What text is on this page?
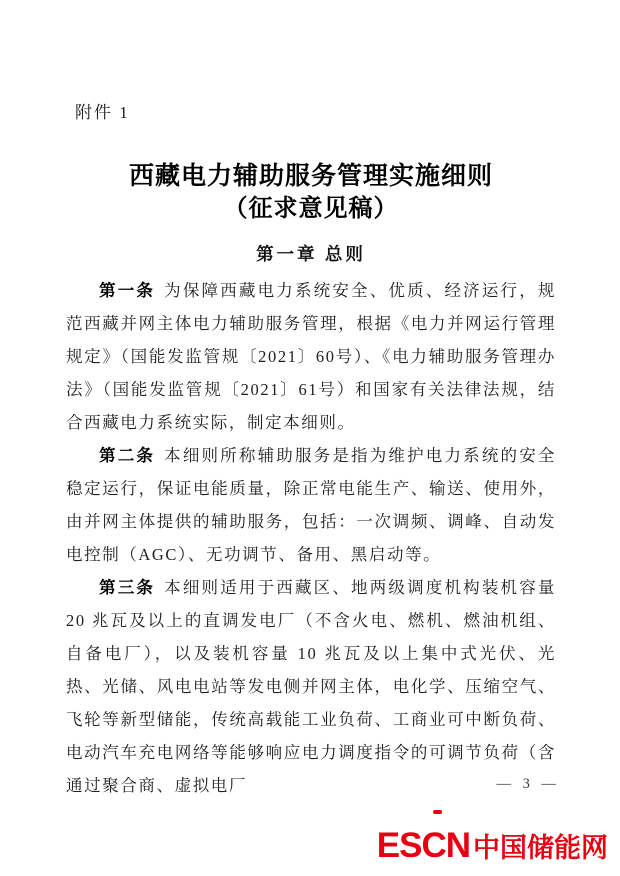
附件 1
西藏电力辅助服务管理实施细则
（征求意见稿）
第一章 总则

第一条 为保障西藏电力系统安全、优质、经济运行，规范西藏并网主体电力辅助服务管理，根据《电力并网运行管理规定》（国能发监管规〔2021〕60号）、《电力辅助服务管理办法》（国能发监管规〔2021〕61号）和国家有关法律法规，结合西藏电力系统实际，制定本细则。

第二条 本细则所称辅助服务是指为维护电力系统的安全稳定运行，保证电能质量，除正常电能生产、输送、使用外，由并网主体提供的辅助服务，包括：一次调频、调峰、自动发电控制（AGC）、无功调节、备用、黑启动等。

第三条 本细则适用于西藏区、地两级调度机构装机容量 20 兆瓦及以上的直调发电厂（不含火电、燃机、燃油机组、自备电厂），以及装机容量 10 兆瓦及以上集中式光伏、光热、光储、风电电站等发电侧并网主体，电化学、压缩空气、飞轮等新型储能，传统高载能工业负荷、工商业可中断负荷、电动汽车充电网络等能够响应电力调度指令的可调节负荷（含通过聚合商、虚拟电厂	— 3 —
ESCN 中国储能网
